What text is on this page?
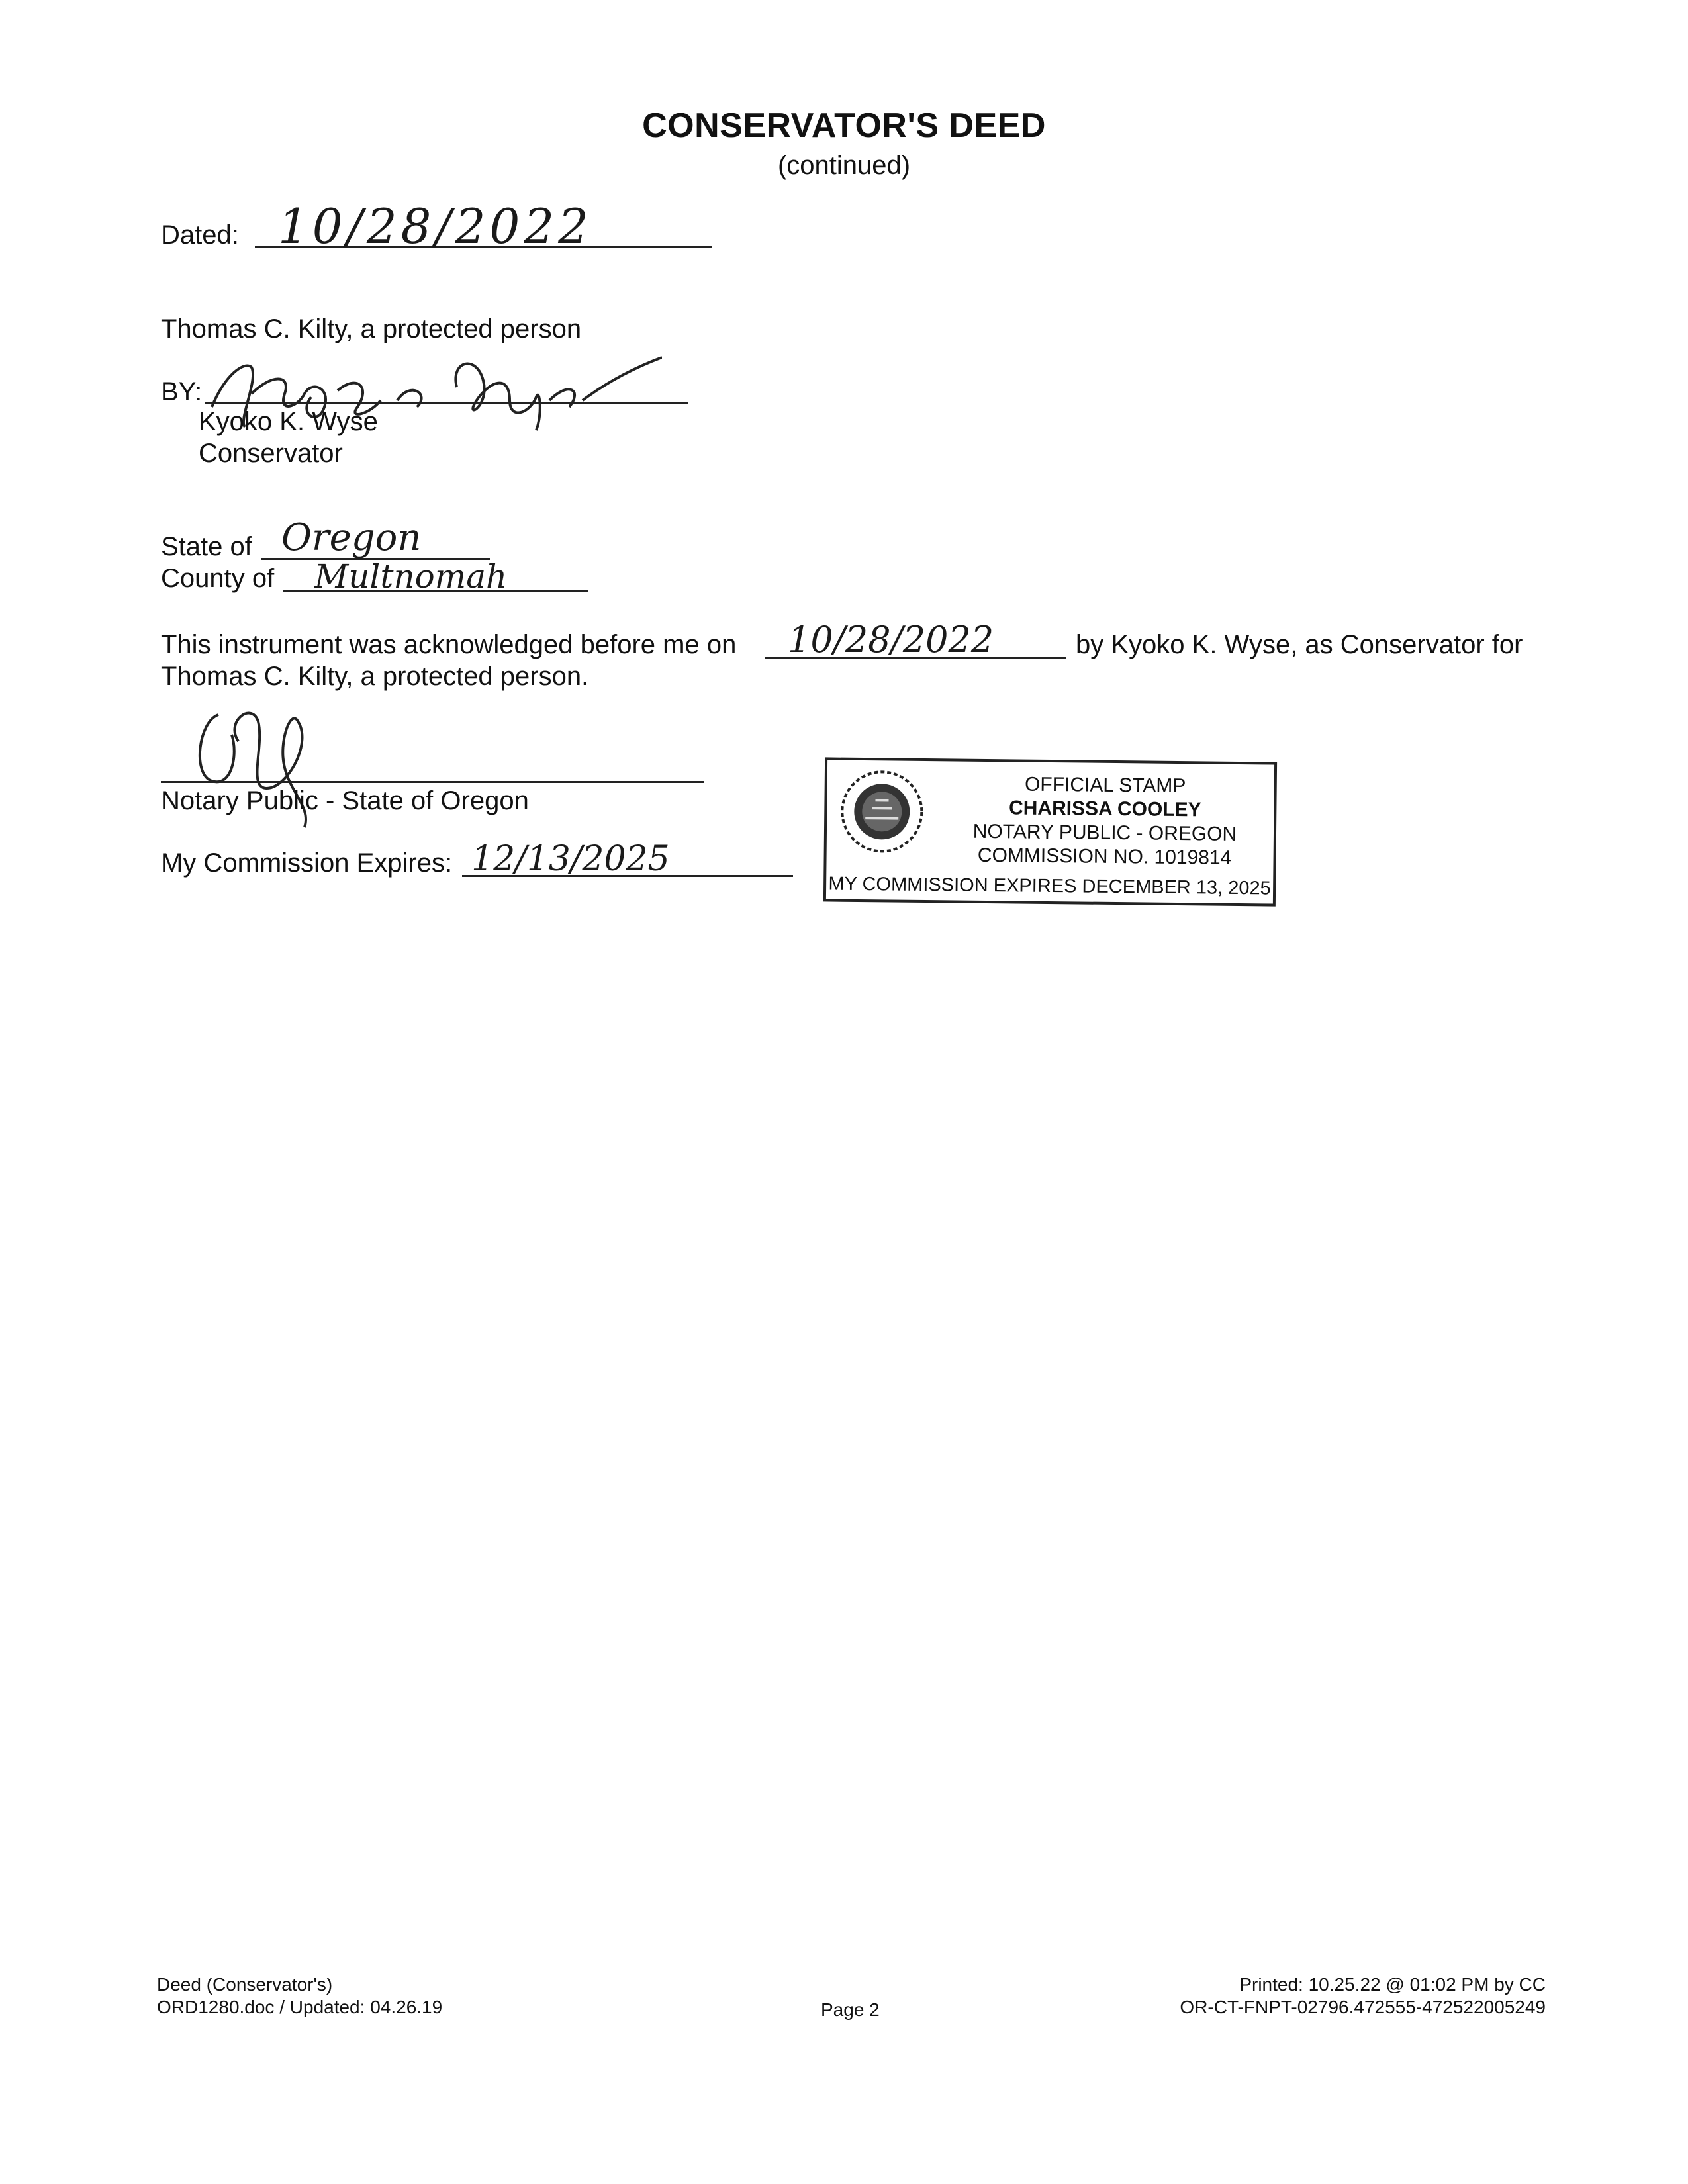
CONSERVATOR'S DEED
(continued)
Dated: 10/28/2022
Thomas C. Kilty, a protected person
BY:
Kyoko K. Wyse
Conservator
State of Oregon
County of Multnomah
This instrument was acknowledged before me on 10/28/2022	by Kyoko K. Wyse, as Conservator for
Thomas C. Kilty, a protected person.
Notary Public - State of Oregon
My Commission Expires: 12/13/2025
OFFICIAL STAMP
CHARISSA COOLEY
NOTARY PUBLIC - OREGON
COMMISSION NO. 1019814
MY COMMISSION EXPIRES DECEMBER 13, 2025
Deed (Conservator's)
ORD1280.doc / Updated: 04.26.19	Page 2
Printed: 10.25.22 @ 01:02 PM by CC
OR-CT-FNPT-02796.472555-472522005249
